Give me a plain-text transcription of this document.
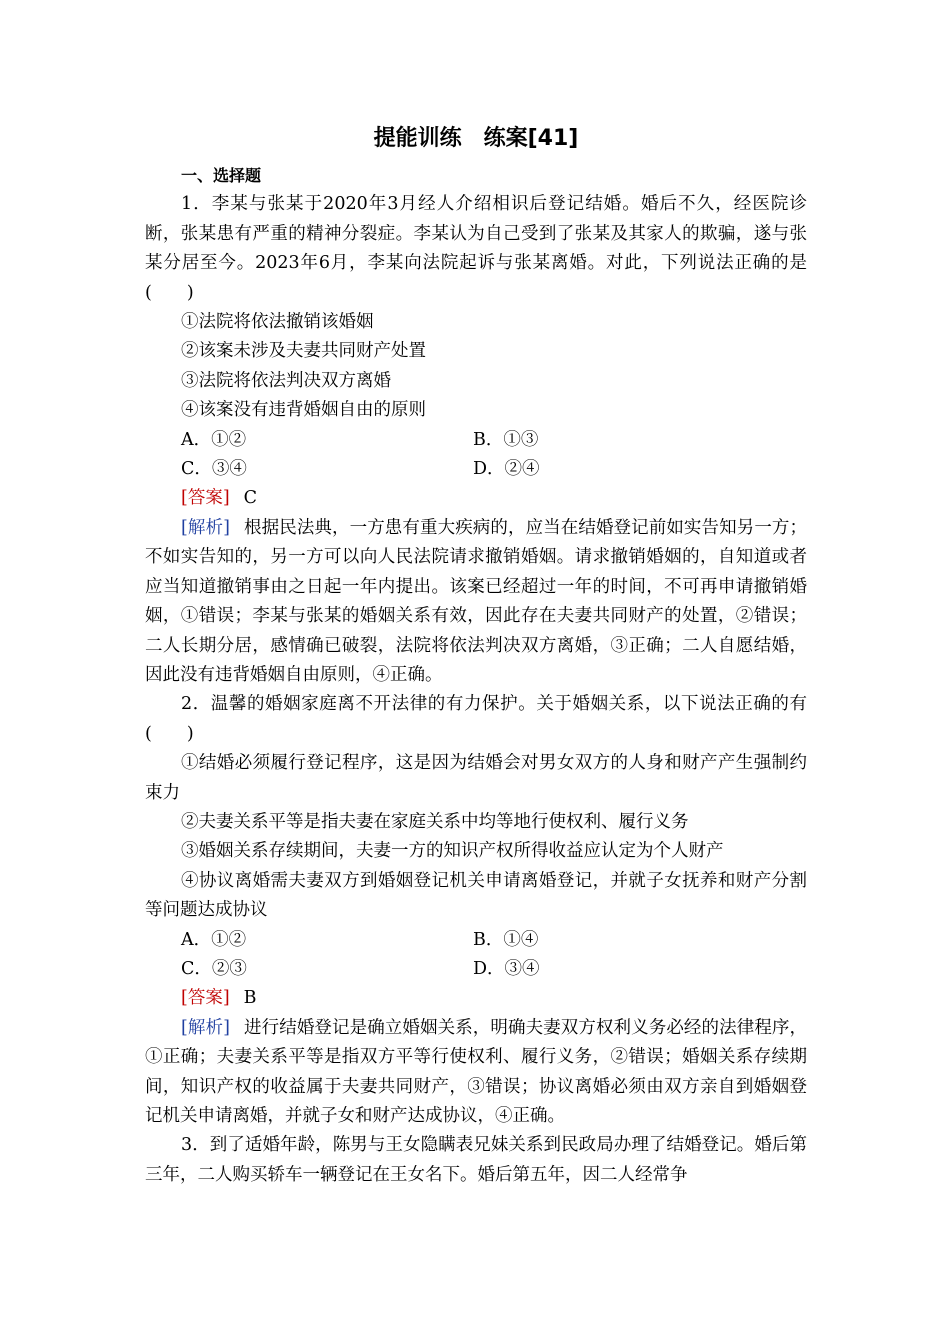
提能训练　练案[41]
一、选择题
1．李某与张某于2020年3月经人介绍相识后登记结婚。婚后不久，经医院诊断，张某患有严重的精神分裂症。李某认为自己受到了张某及其家人的欺骗，遂与张某分居至今。2023年6月，李某向法院起诉与张某离婚。对此，下列说法正确的是(　　)
①法院将依法撤销该婚姻
②该案未涉及夫妻共同财产处置
③法院将依法判决双方离婚
④该案没有违背婚姻自由的原则
A．①②	B．①③
C．③④	D．②④
[答案] C
[解析] 根据民法典，一方患有重大疾病的，应当在结婚登记前如实告知另一方；不如实告知的，另一方可以向人民法院请求撤销婚姻。请求撤销婚姻的，自知道或者应当知道撤销事由之日起一年内提出。该案已经超过一年的时间，不可再申请撤销婚姻，①错误；李某与张某的婚姻关系有效，因此存在夫妻共同财产的处置，②错误；二人长期分居，感情确已破裂，法院将依法判决双方离婚，③正确；二人自愿结婚，因此没有违背婚姻自由原则，④正确。
2．温馨的婚姻家庭离不开法律的有力保护。关于婚姻关系，以下说法正确的有(　　)
①结婚必须履行登记程序，这是因为结婚会对男女双方的人身和财产产生强制约束力
②夫妻关系平等是指夫妻在家庭关系中均等地行使权利、履行义务
③婚姻关系存续期间，夫妻一方的知识产权所得收益应认定为个人财产
④协议离婚需夫妻双方到婚姻登记机关申请离婚登记，并就子女抚养和财产分割等问题达成协议
A．①②	B．①④
C．②③	D．③④
[答案] B
[解析] 进行结婚登记是确立婚姻关系，明确夫妻双方权利义务必经的法律程序，①正确；夫妻关系平等是指双方平等行使权利、履行义务，②错误；婚姻关系存续期间，知识产权的收益属于夫妻共同财产，③错误；协议离婚必须由双方亲自到婚姻登记机关申请离婚，并就子女和财产达成协议，④正确。
3．到了适婚年龄，陈男与王女隐瞒表兄妹关系到民政局办理了结婚登记。婚后第三年，二人购买轿车一辆登记在王女名下。婚后第五年，因二人经常争
